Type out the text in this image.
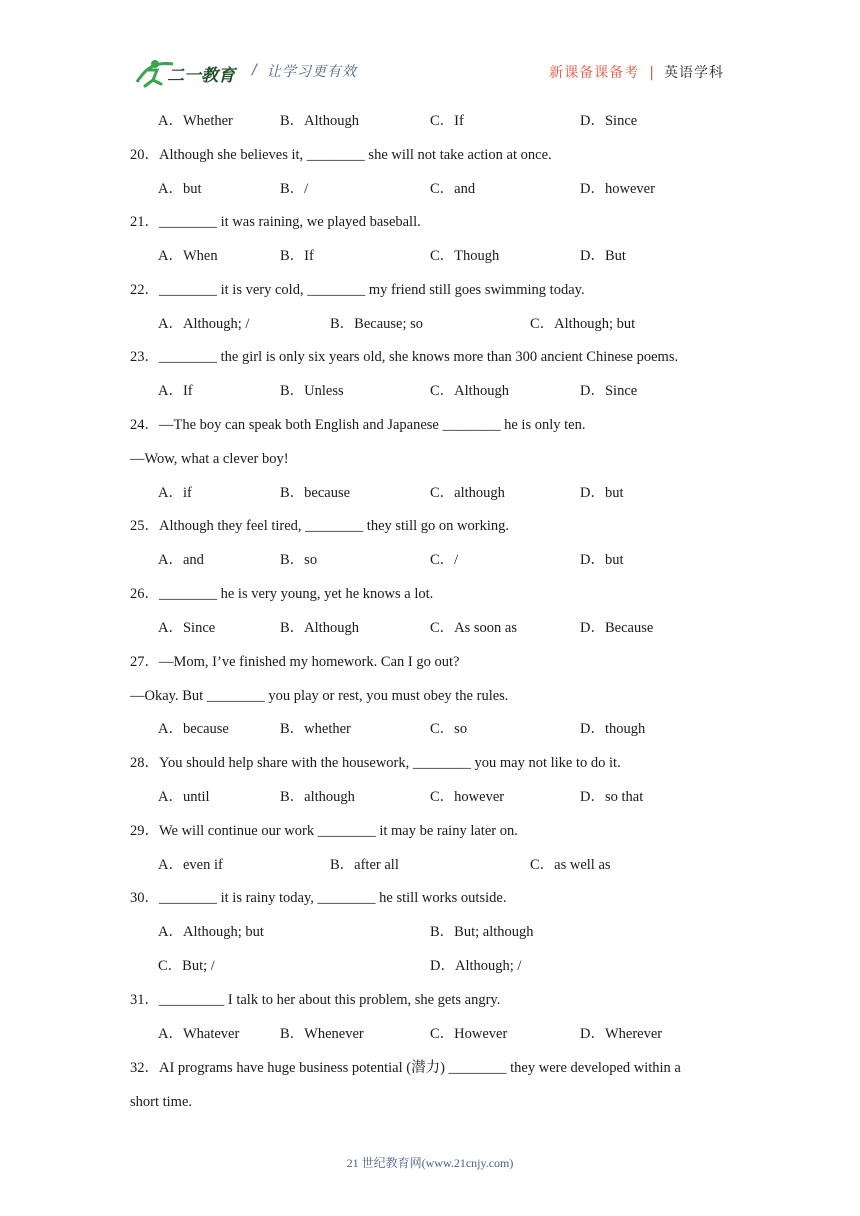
二一教育 / 让学习更有效	新课备课备考 | 英语学科
A．Whether	B．Although	C．If	D．Since
20．Although she believes it, ________ she will not take action at once.
A．but	B．/	C．and	D．however
21．________ it was raining, we played baseball.
A．When	B．If	C．Though	D．But
22．________ it is very cold, ________ my friend still goes swimming today.
A．Although; /	B．Because; so	C．Although; but
23．________ the girl is only six years old, she knows more than 300 ancient Chinese poems.
A．If	B．Unless	C．Although	D．Since
24．—The boy can speak both English and Japanese ________ he is only ten.
—Wow, what a clever boy!
A．if	B．because	C．although	D．but
25．Although they feel tired, ________ they still go on working.
A．and	B．so	C．/	D．but
26．________ he is very young, yet he knows a lot.
A．Since	B．Although	C．As soon as	D．Because
27．—Mom, I’ve finished my homework. Can I go out?
—Okay. But ________ you play or rest, you must obey the rules.
A．because	B．whether	C．so	D．though
28．You should help share with the housework, ________ you may not like to do it.
A．until	B．although	C．however	D．so that
29．We will continue our work ________ it may be rainy later on.
A．even if	B．after all	C．as well as
30．________ it is rainy today, ________ he still works outside.
A．Although; but	B．But; although
C．But; /	D．Although; /
31．_________ I talk to her about this problem, she gets angry.
A．Whatever	B．Whenever	C．However	D．Wherever
32．AI programs have huge business potential (潜力) ________ they were developed within a
short time.
21 世纪教育网(www.21cnjy.com)
